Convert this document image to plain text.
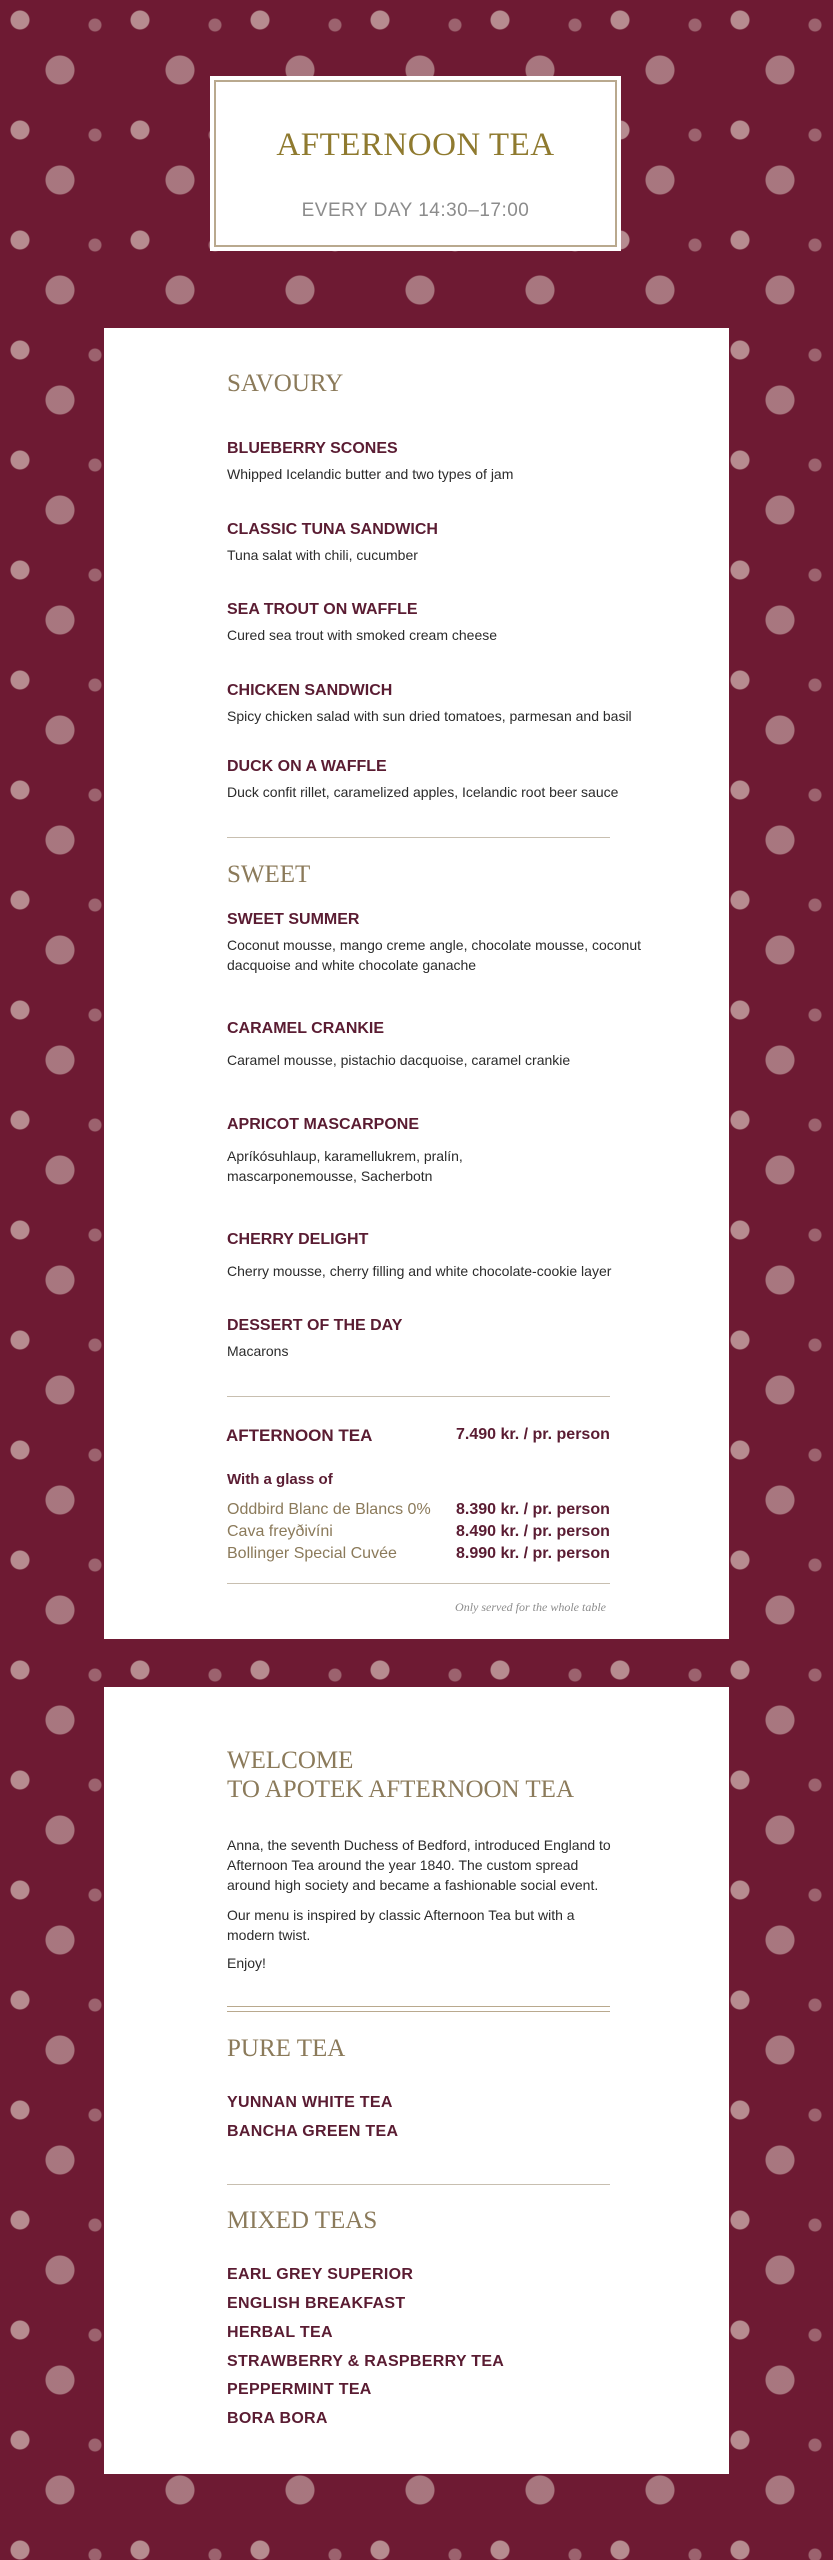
AFTERNOON TEA
EVERY DAY 14:30–17:00
SAVOURY
BLUEBERRY SCONES
Whipped Icelandic butter and two types of jam
CLASSIC TUNA SANDWICH
Tuna salat with chili, cucumber
SEA TROUT ON WAFFLE
Cured sea trout with smoked cream cheese
CHICKEN SANDWICH
Spicy chicken salad with sun dried tomatoes, parmesan and basil
DUCK ON A WAFFLE
Duck confit rillet, caramelized apples, Icelandic root beer sauce
SWEET
SWEET SUMMER
Coconut mousse, mango creme angle, chocolate mousse, coconut dacquoise and white chocolate ganache
CARAMEL CRANKIE
Caramel mousse, pistachio dacquoise, caramel crankie
APRICOT MASCARPONE
Apríkósuhlaup, karamellukrem, pralín, mascarponemousse, Sacherbotn
CHERRY DELIGHT
Cherry mousse, cherry filling and white chocolate-cookie layer
DESSERT OF THE DAY
Macarons
AFTERNOON TEA	7.490 kr. / pr. person
With a glass of
Oddbird Blanc de Blancs 0% 8.390 kr. / pr. person
Cava freyðivíni	8.490 kr. / pr. person
Bollinger Special Cuvée	8.990 kr. / pr. person
Only served for the whole table
WELCOME
TO APOTEK AFTERNOON TEA
Anna, the seventh Duchess of Bedford, introduced England to Afternoon Tea around the year 1840. The custom spread around high society and became a fashionable social event.
Our menu is inspired by classic Afternoon Tea but with a modern twist.
Enjoy!
PURE TEA
YUNNAN WHITE TEA
BANCHA GREEN TEA
MIXED TEAS
EARL GREY SUPERIOR
ENGLISH BREAKFAST
HERBAL TEA
STRAWBERRY & RASPBERRY TEA
PEPPERMINT TEA
BORA BORA
